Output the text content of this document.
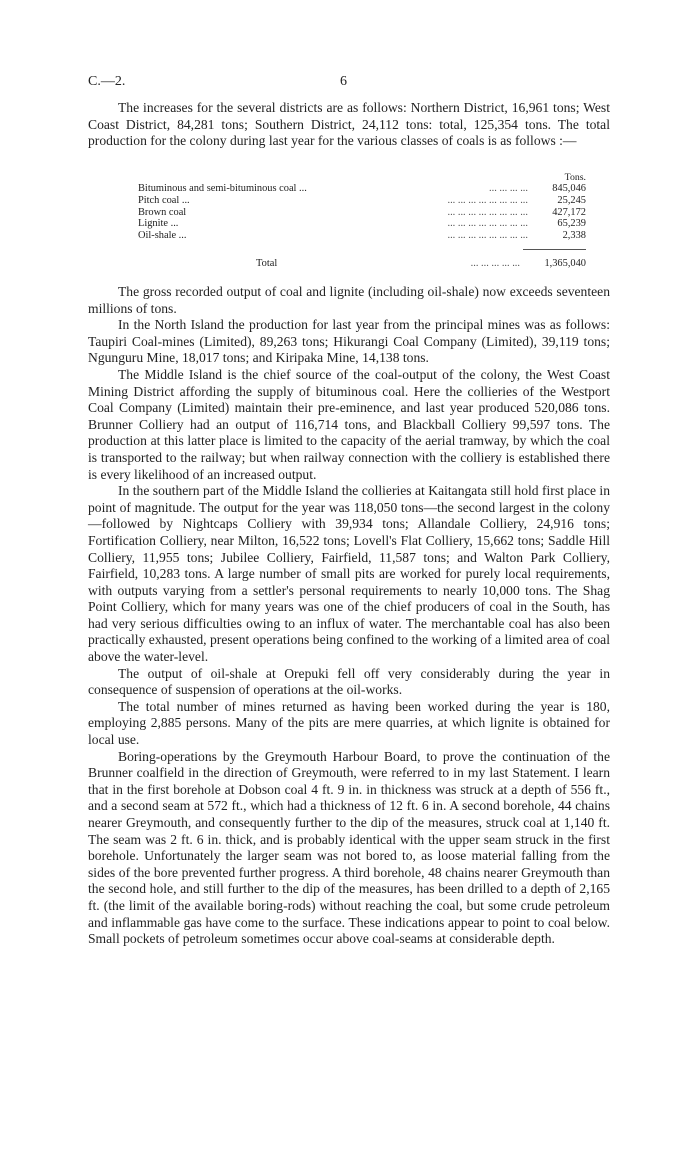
C.—2.	6

The increases for the several districts are as follows: Northern District, 16,961 tons; West Coast District, 84,281 tons; Southern District, 24,112 tons: total, 125,354 tons. The total production for the colony during last year for the various classes of coals is as follows :—

Tons.
Bituminous and semi-bituminous coal ...	... ... ... ... 845,046
Pitch coal ...	... ... ... ... ... ... ... ...	25,245
Brown coal	... ... ... ... ... ... ... ... 427,172
Lignite ...	... ... ... ... ... ... ... ...	65,239
Oil-shale ...	... ... ... ... ... ... ... ...	2,338
Total	... ... ... ... ... 1,365,040

The gross recorded output of coal and lignite (including oil-shale) now exceeds seventeen millions of tons.

In the North Island the production for last year from the principal mines was as follows: Taupiri Coal-mines (Limited), 89,263 tons; Hikurangi Coal Company (Limited), 39,119 tons; Ngunguru Mine, 18,017 tons; and Kiripaka Mine, 14,138 tons.

The Middle Island is the chief source of the coal-output of the colony, the West Coast Mining District affording the supply of bituminous coal. Here the collieries of the Westport Coal Company (Limited) maintain their pre-eminence, and last year produced 520,086 tons. Brunner Colliery had an output of 116,714 tons, and Blackball Colliery 99,597 tons. The production at this latter place is limited to the capacity of the aerial tramway, by which the coal is transported to the railway; but when railway connection with the colliery is established there is every likelihood of an increased output.

In the southern part of the Middle Island the collieries at Kaitangata still hold first place in point of magnitude. The output for the year was 118,050 tons—the second largest in the colony—followed by Nightcaps Colliery with 39,934 tons; Allandale Colliery, 24,916 tons; Fortification Colliery, near Milton, 16,522 tons; Lovell's Flat Colliery, 15,662 tons; Saddle Hill Colliery, 11,955 tons; Jubilee Colliery, Fairfield, 11,587 tons; and Walton Park Colliery, Fairfield, 10,283 tons. A large number of small pits are worked for purely local requirements, with outputs varying from a settler's personal requirements to nearly 10,000 tons. The Shag Point Colliery, which for many years was one of the chief producers of coal in the South, has had very serious difficulties owing to an influx of water. The merchantable coal has also been practically exhausted, present operations being confined to the working of a limited area of coal above the water-level.

The output of oil-shale at Orepuki fell off very considerably during the year in consequence of suspension of operations at the oil-works.

The total number of mines returned as having been worked during the year is 180, employing 2,885 persons. Many of the pits are mere quarries, at which lignite is obtained for local use.

Boring-operations by the Greymouth Harbour Board, to prove the continuation of the Brunner coalfield in the direction of Greymouth, were referred to in my last Statement. I learn that in the first borehole at Dobson coal 4 ft. 9 in. in thickness was struck at a depth of 556 ft., and a second seam at 572 ft., which had a thickness of 12 ft. 6 in. A second borehole, 44 chains nearer Greymouth, and consequently further to the dip of the measures, struck coal at 1,140 ft. The seam was 2 ft. 6 in. thick, and is probably identical with the upper seam struck in the first borehole. Unfortunately the larger seam was not bored to, as loose material falling from the sides of the bore prevented further progress. A third borehole, 48 chains nearer Greymouth than the second hole, and still further to the dip of the measures, has been drilled to a depth of 2,165 ft. (the limit of the available boring-rods) without reaching the coal, but some crude petroleum and inflammable gas have come to the surface. These indications appear to point to coal below. Small pockets of petroleum sometimes occur above coal-seams at considerable depth.
